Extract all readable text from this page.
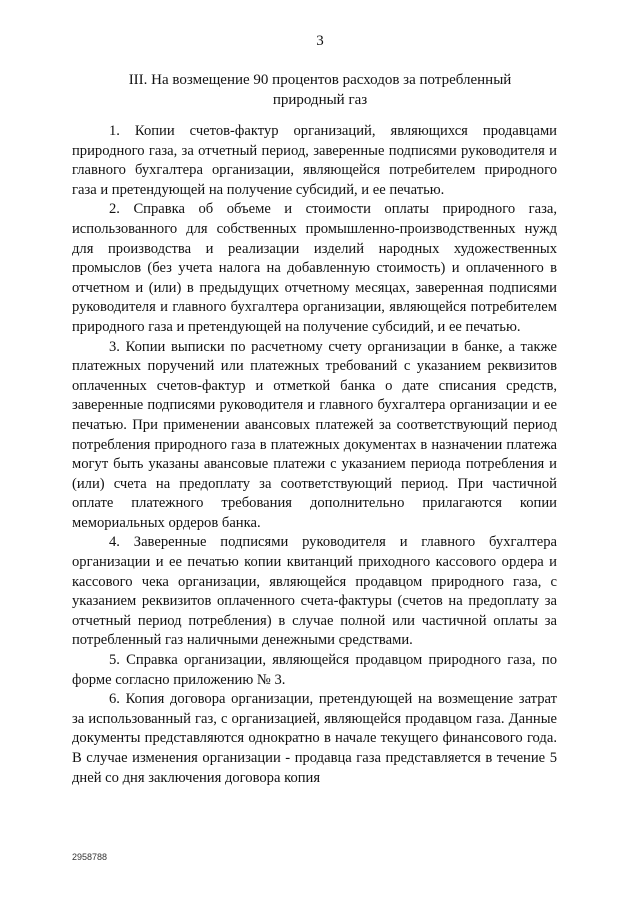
3
III. На возмещение 90 процентов расходов за потребленный природный газ

1. Копии счетов-фактур организаций, являющихся продавцами природного газа, за отчетный период, заверенные подписями руководителя и главного бухгалтера организации, являющейся потребителем природного газа и претендующей на получение субсидий, и ее печатью.

2. Справка об объеме и стоимости оплаты природного газа, использованного для собственных промышленно-производственных нужд для производства и реализации изделий народных художественных промыслов (без учета налога на добавленную стоимость) и оплаченного в отчетном и (или) в предыдущих отчетному месяцах, заверенная подписями руководителя и главного бухгалтера организации, являющейся потребителем природного газа и претендующей на получение субсидий, и ее печатью.

3. Копии выписки по расчетному счету организации в банке, а также платежных поручений или платежных требований с указанием реквизитов оплаченных счетов-фактур и отметкой банка о дате списания средств, заверенные подписями руководителя и главного бухгалтера организации и ее печатью. При применении авансовых платежей за соответствующий период потребления природного газа в платежных документах в назначении платежа могут быть указаны авансовые платежи с указанием периода потребления и (или) счета на предоплату за соответствующий период. При частичной оплате платежного требования дополнительно прилагаются копии мемориальных ордеров банка.

4. Заверенные подписями руководителя и главного бухгалтера организации и ее печатью копии квитанций приходного кассового ордера и кассового чека организации, являющейся продавцом природного газа, с указанием реквизитов оплаченного счета-фактуры (счетов на предоплату за отчетный период потребления) в случае полной или частичной оплаты за потребленный газ наличными денежными средствами.

5. Справка организации, являющейся продавцом природного газа, по форме согласно приложению № 3.

6. Копия договора организации, претендующей на возмещение затрат за использованный газ, с организацией, являющейся продавцом газа. Данные документы представляются однократно в начале текущего финансового года. В случае изменения организации - продавца газа представляется в течение 5 дней со дня заключения договора копия

2958788
